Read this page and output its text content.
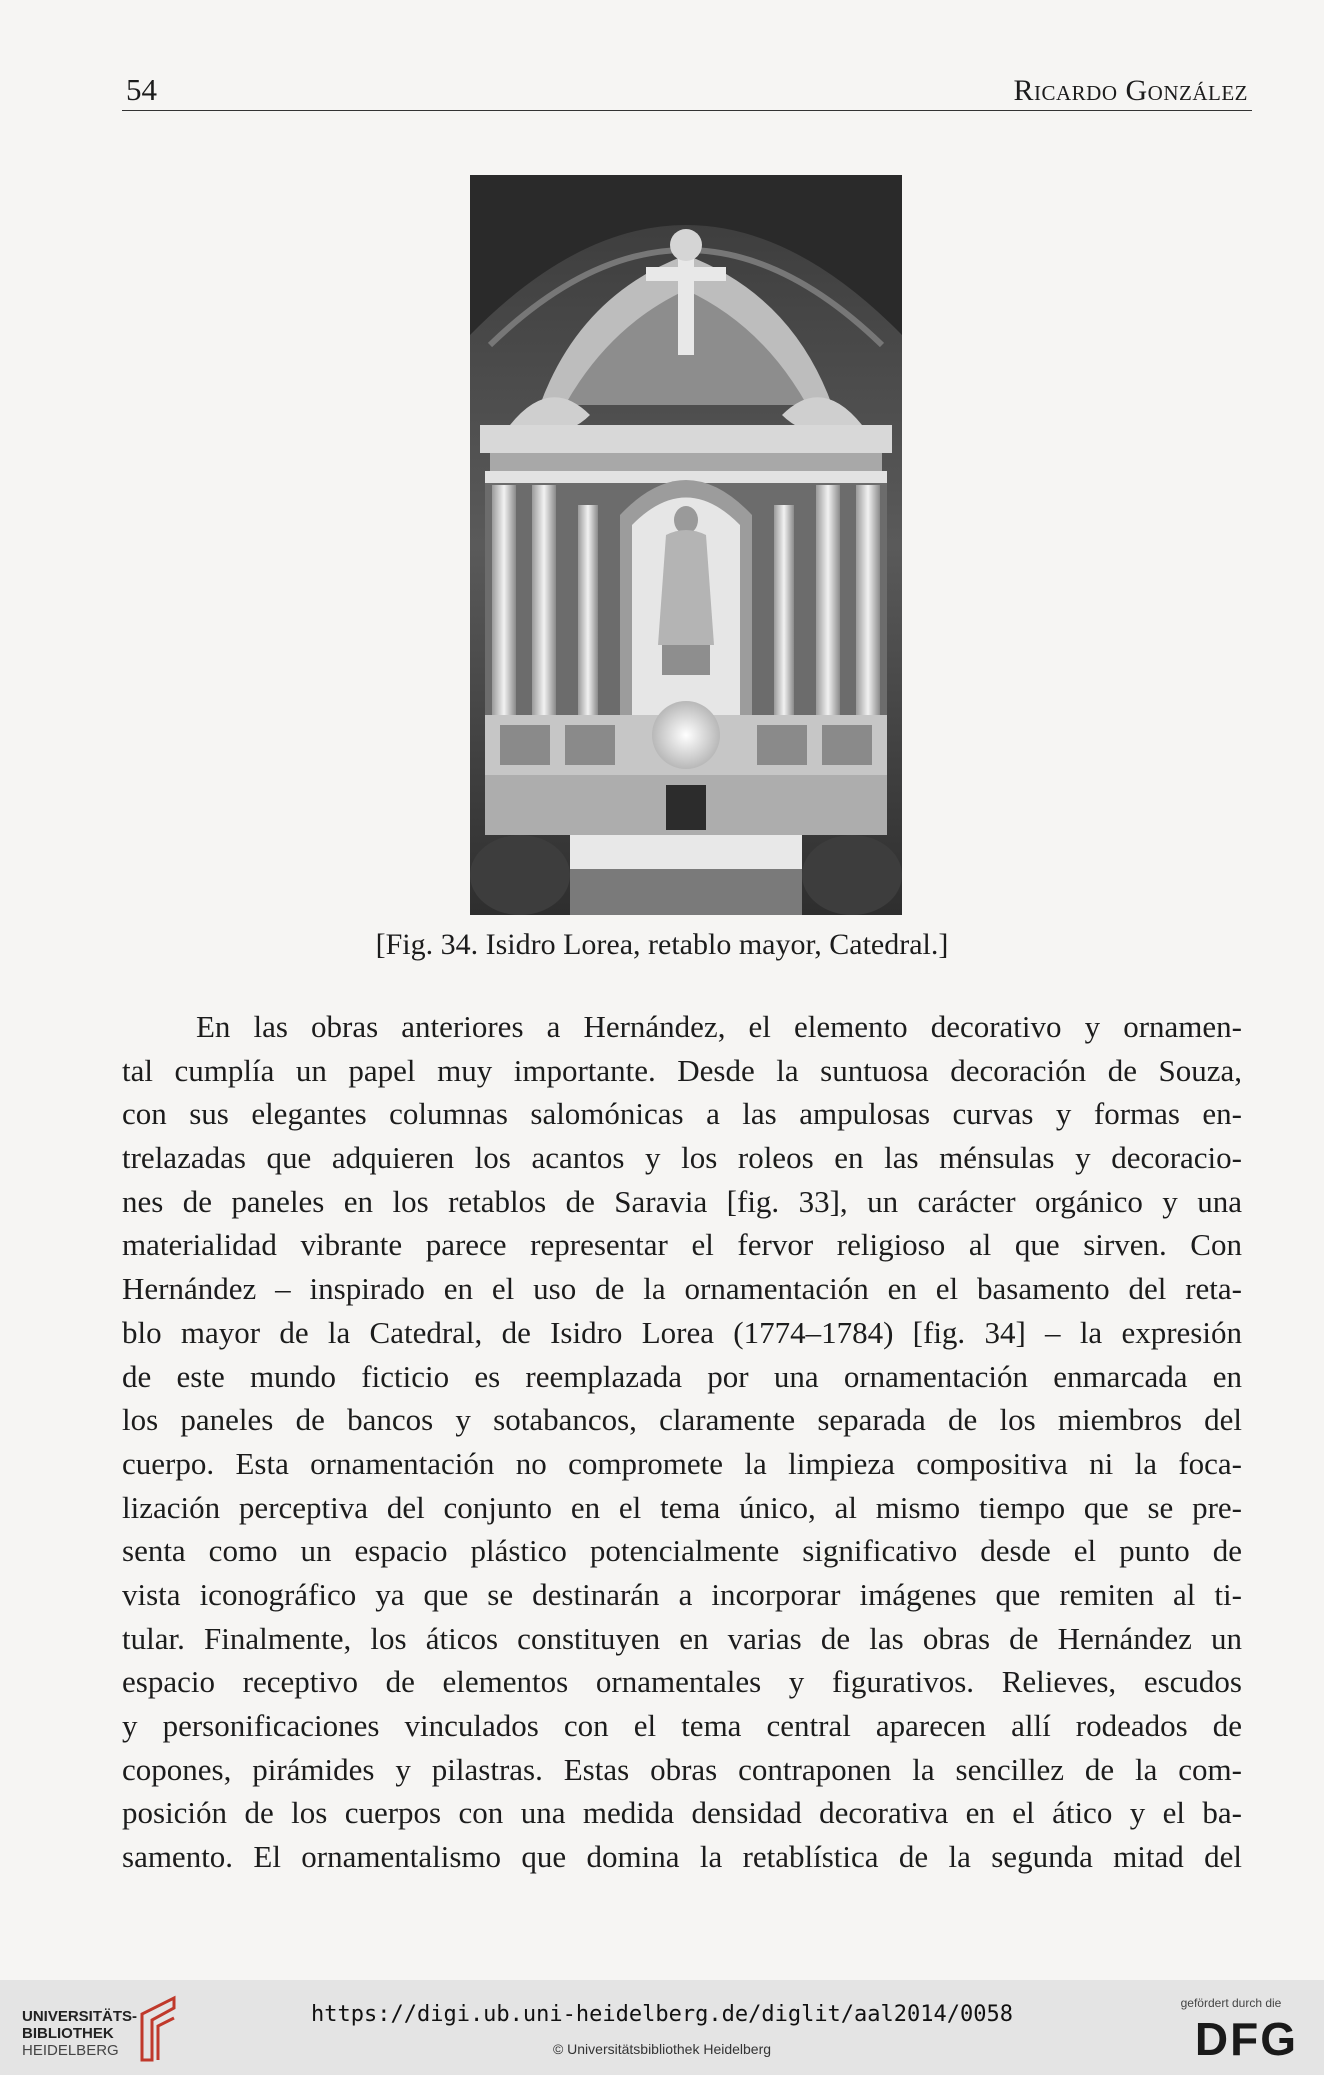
54	Ricardo González
[Fig. 34. Isidro Lorea, retablo mayor, Catedral.]
En las obras anteriores a Hernández, el elemento decorativo y ornamen-
tal cumplía un papel muy importante. Desde la suntuosa decoración de Souza,
con sus elegantes columnas salomónicas a las ampulosas curvas y formas en-
trelazadas que adquieren los acantos y los roleos en las ménsulas y decoracio-
nes de paneles en los retablos de Saravia [fig. 33], un carácter orgánico y una
materialidad vibrante parece representar el fervor religioso al que sirven. Con
Hernández – inspirado en el uso de la ornamentación en el basamento del reta-
blo mayor de la Catedral, de Isidro Lorea (1774–1784) [fig. 34] – la expresión
de este mundo ficticio es reemplazada por una ornamentación enmarcada en
los paneles de bancos y sotabancos, claramente separada de los miembros del
cuerpo. Esta ornamentación no compromete la limpieza compositiva ni la foca-
lización perceptiva del conjunto en el tema único, al mismo tiempo que se pre-
senta como un espacio plástico potencialmente significativo desde el punto de
vista iconográfico ya que se destinarán a incorporar imágenes que remiten al ti-
tular. Finalmente, los áticos constituyen en varias de las obras de Hernández un
espacio receptivo de elementos ornamentales y figurativos. Relieves, escudos
y personificaciones vinculados con el tema central aparecen allí rodeados de
copones, pirámides y pilastras. Estas obras contraponen la sencillez de la com-
posición de los cuerpos con una medida densidad decorativa en el ático y el ba-
samento. El ornamentalismo que domina la retablística de la segunda mitad del
UNIVERSITÄTS-
BIBLIOTHEK
HEIDELBERG
https://digi.ub.uni-heidelberg.de/diglit/aal2014/0058
© Universitätsbibliothek Heidelberg
gefördert durch die
DFG
